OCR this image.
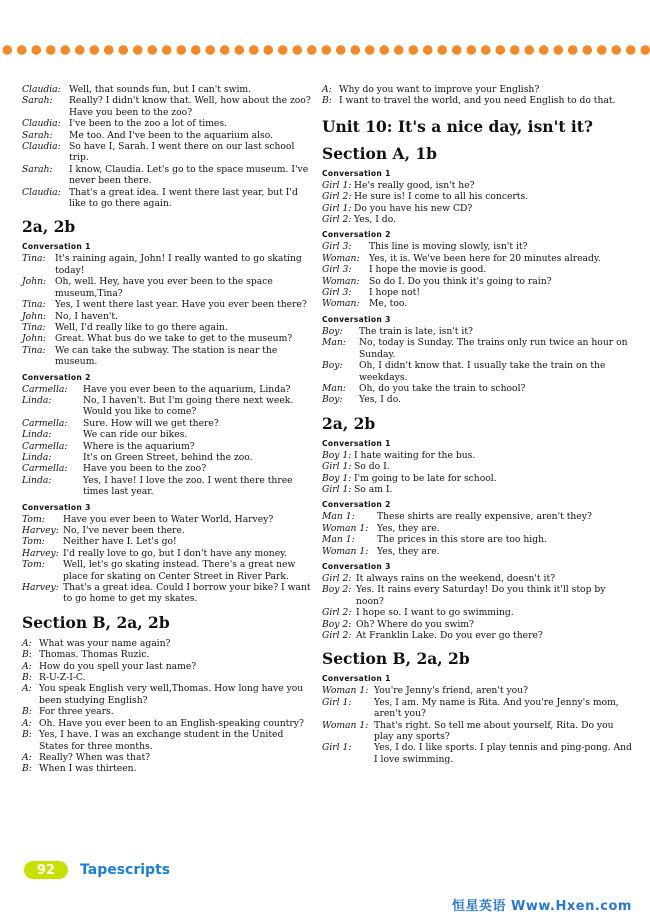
Claudia: Well, that sounds fun, but I can't swim.
Sarah:	Really? I didn't know that. Well, how about the zoo? Have you been to the zoo?
Claudia: I've been to the zoo a lot of times.
Sarah:	Me too. And I've been to the aquarium also.
Claudia: So have I, Sarah. I went there on our last school trip.
Sarah:	I know, Claudia. Let's go to the space museum. I've never been there.
Claudia: That's a great idea. I went there last year, but I'd like to go there again.
2a, 2b
Conversation 1
Tina:	It's raining again, John! I really wanted to go skating today!
John: Oh, well. Hey, have you ever been to the space museum,Tina?
Tina:	Yes, I went there last year. Have you ever been there?
John: No, I haven't.
Tina:	Well, I'd really like to go there again.
John: Great. What bus do we take to get to the museum?
Tina:	We can take the subway. The station is near the museum.
Conversation 2
Carmella:	Have you ever been to the aquarium, Linda?
Linda:	No, I haven't. But I'm going there next week. Would you like to come?
Carmella:	Sure. How will we get there?
Linda:	We can ride our bikes.
Carmella:	Where is the aquarium?
Linda:	It's on Green Street, behind the zoo.
Carmella:	Have you been to the zoo?
Linda:	Yes, I have! I love the zoo. I went there three times last year.
Conversation 3
Tom:	Have you ever been to Water World, Harvey?
Harvey: No, I've never been there.
Tom:	Neither have I. Let's go!
Harvey: I'd really love to go, but I don't have any money.
Tom:	Well, let's go skating instead. There's a great new place for skating on Center Street in River Park.
Harvey: That's a great idea. Could I borrow your bike? I want to go home to get my skates.
Section B, 2a, 2b
A: What was your name again?
B: Thomas. Thomas Ruzic.
A: How do you spell your last name?
B: R-U-Z-I-C.
A: You speak English very well,Thomas. How long have you been studying English?
B: For three years.
A: Oh. Have you ever been to an English-speaking country?
B: Yes, I have. I was an exchange student in the United States for three months.
A: Really? When was that?
B: When I was thirteen.
A: Why do you want to improve your English?
B: I want to travel the world, and you need English to do that.
Unit 10: It's a nice day, isn't it?
Section A, 1b
Conversation 1
Girl 1: He's really good, isn't he?
Girl 2: He sure is! I come to all his concerts.
Girl 1: Do you have his new CD?
Girl 2: Yes, I do.
Conversation 2
Girl 3:	This line is moving slowly, isn't it?
Woman:	Yes, it is. We've been here for 20 minutes already.
Girl 3:	I hope the movie is good.
Woman:	So do I. Do you think it's going to rain?
Girl 3:	I hope not!
Woman:	Me, too.
Conversation 3
Boy:	The train is late, isn't it?
Man:	No, today is Sunday. The trains only run twice an hour on Sunday.
Boy:	Oh, I didn't know that. I usually take the train on the weekdays.
Man:	Oh, do you take the train to school?
Boy:	Yes, I do.
2a, 2b
Conversation 1
Boy 1: I hate waiting for the bus.
Girl 1: So do I.
Boy 1: I'm going to be late for school.
Girl 1: So am I.
Conversation 2
Man 1:	These shirts are really expensive, aren't they?
Woman 1: Yes, they are.
Man 1:	The prices in this store are too high.
Woman 1: Yes, they are.
Conversation 3
Girl 2: It always rains on the weekend, doesn't it?
Boy 2: Yes. It rains every Saturday! Do you think it'll stop by noon?
Girl 2: I hope so. I want to go swimming.
Boy 2: Oh? Where do you swim?
Girl 2: At Franklin Lake. Do you ever go there?
Section B, 2a, 2b
Conversation 1
Woman 1: You're Jenny's friend, aren't you?
Girl 1:	Yes, I am. My name is Rita. And you're Jenny's mom, aren't you?
Woman 1: That's right. So tell me about yourself, Rita. Do you play any sports?
Girl 1:	Yes, I do. I like sports. I play tennis and ping-pong. And I love swimming.
92	Tapescripts
恒星英语 Www.Hxen.com
